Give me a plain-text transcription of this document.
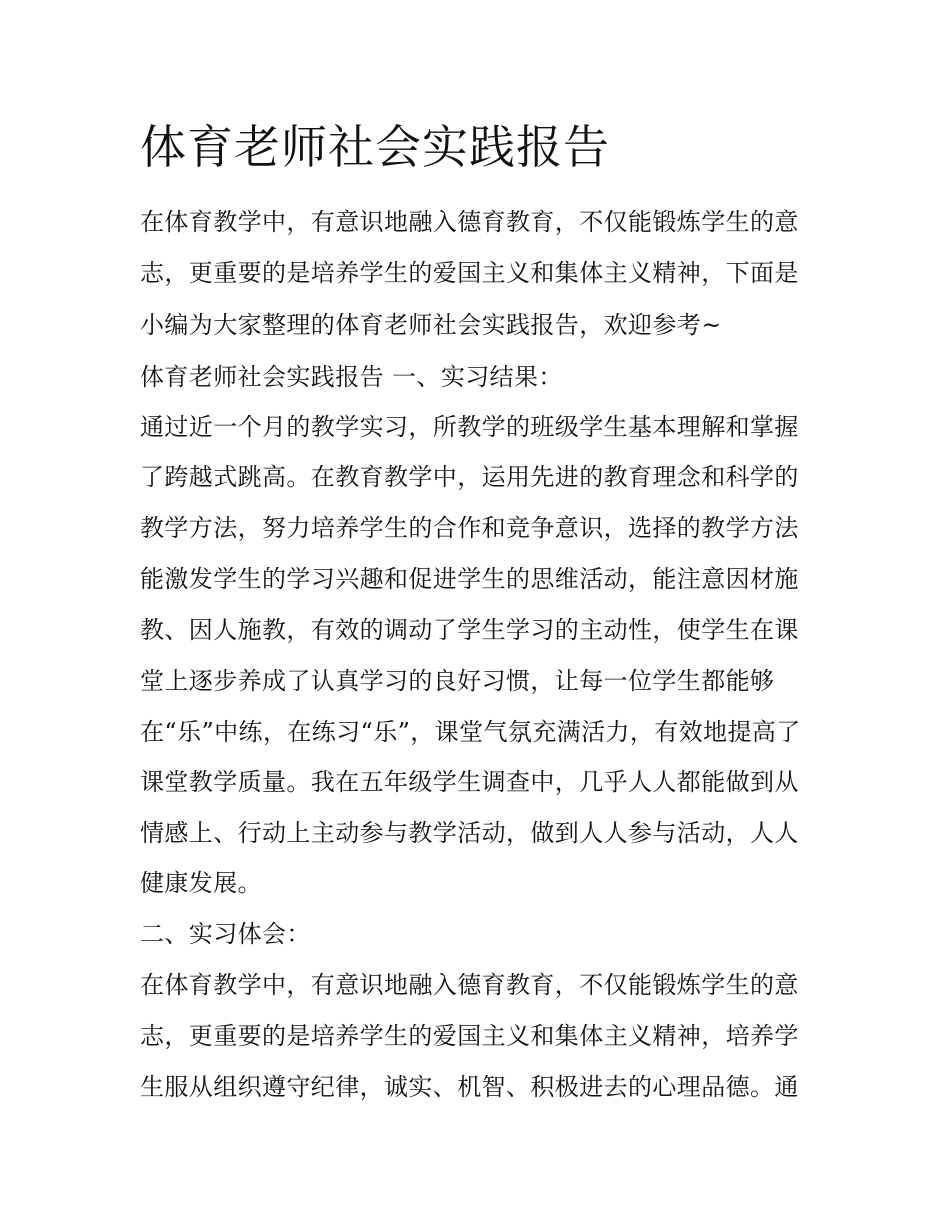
体育老师社会实践报告

在体育教学中，有意识地融入德育教育，不仅能锻炼学生的意

志，更重要的是培养学生的爱国主义和集体主义精神，下面是

小编为大家整理的体育老师社会实践报告，欢迎参考~

体育老师社会实践报告 一、实习结果：

通过近一个月的教学实习，所教学的班级学生基本理解和掌握

了跨越式跳高。在教育教学中，运用先进的教育理念和科学的

教学方法，努力培养学生的合作和竞争意识，选择的教学方法

能激发学生的学习兴趣和促进学生的思维活动，能注意因材施

教、因人施教，有效的调动了学生学习的主动性，使学生在课

堂上逐步养成了认真学习的良好习惯，让每一位学生都能够

在“乐”中练，在练习“乐”，课堂气氛充满活力，有效地提高了

课堂教学质量。我在五年级学生调查中，几乎人人都能做到从

情感上、行动上主动参与教学活动，做到人人参与活动，人人

健康发展。

二、实习体会：

在体育教学中，有意识地融入德育教育，不仅能锻炼学生的意

志，更重要的是培养学生的爱国主义和集体主义精神，培养学

生服从组织遵守纪律，诚实、机智、积极进去的心理品德。通
